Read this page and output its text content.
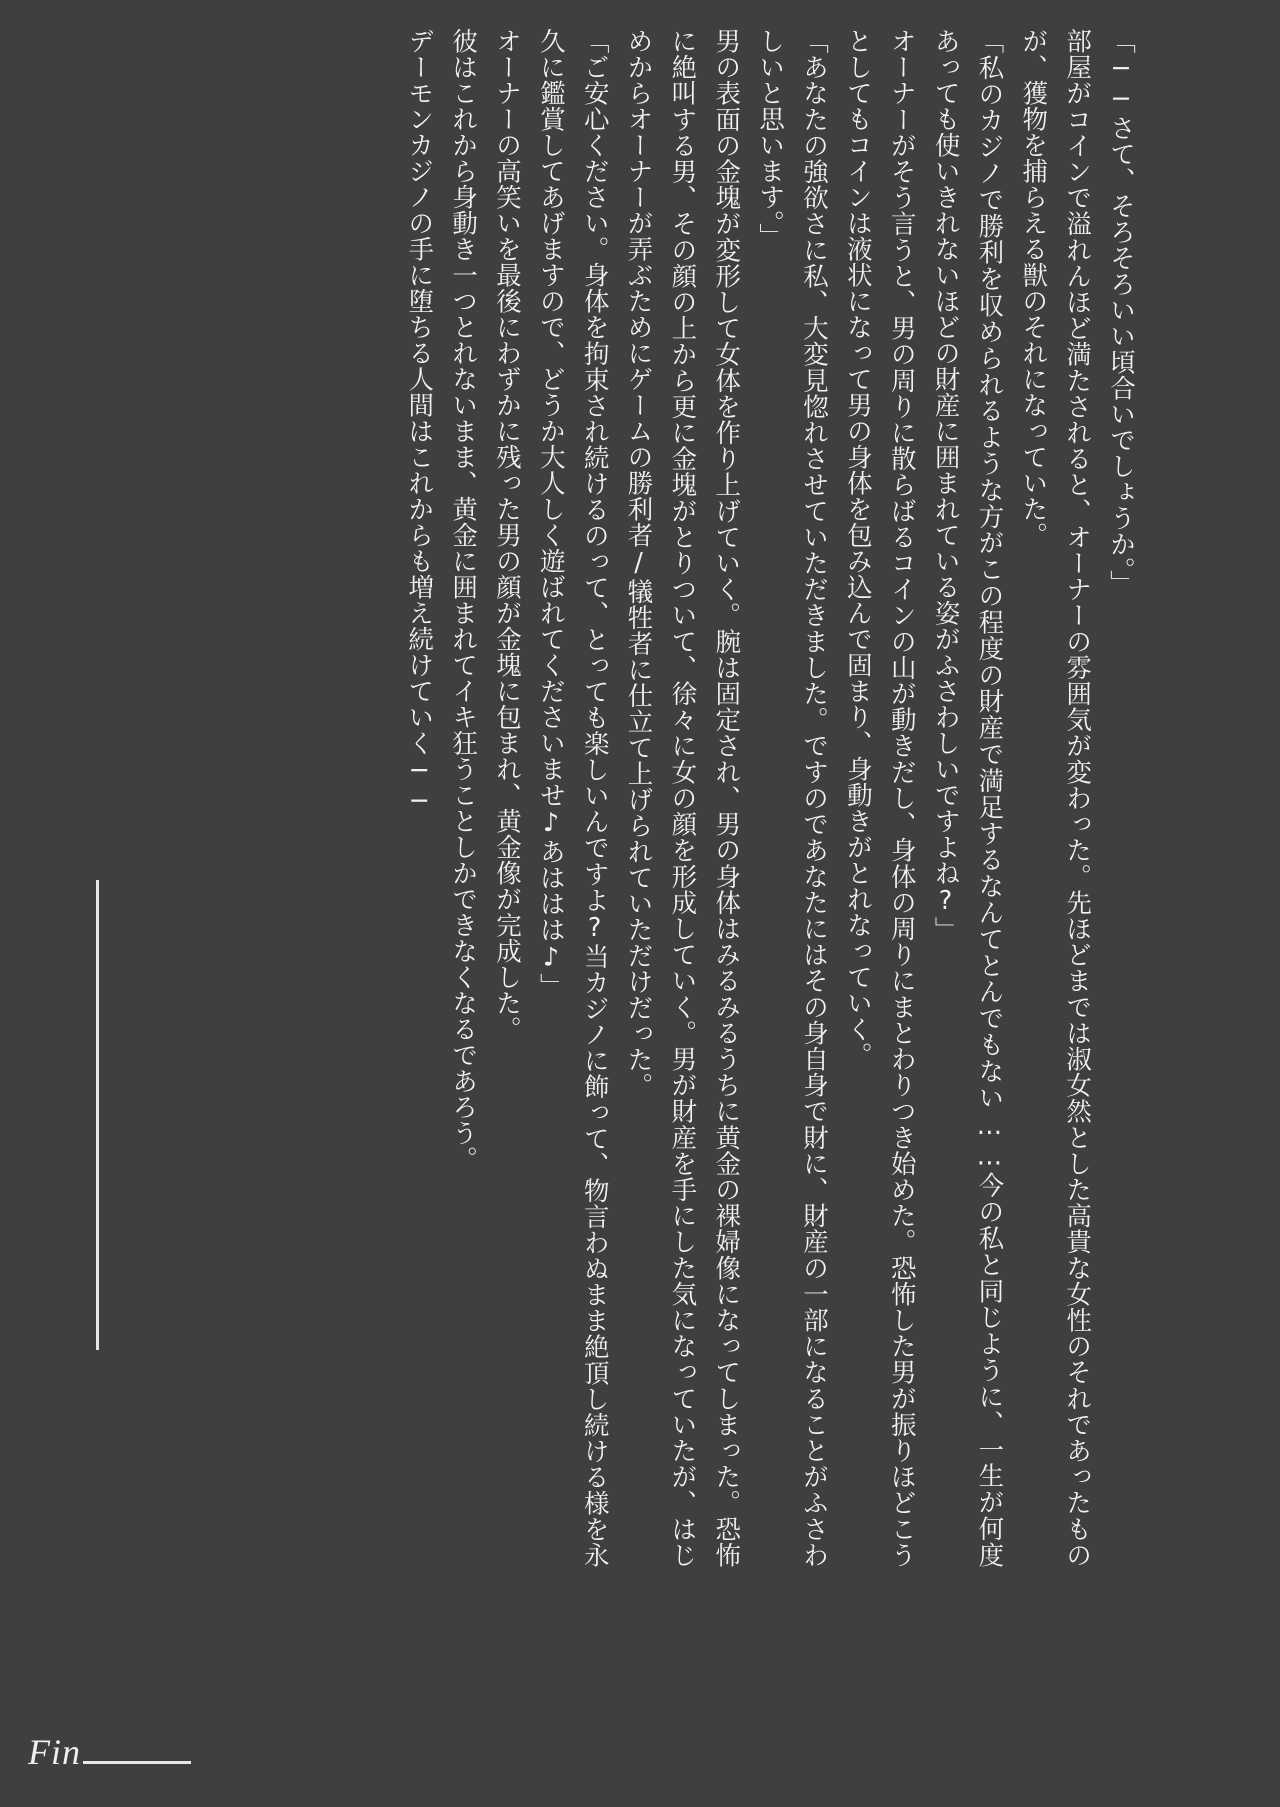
「──さて、そろそろいい頃合いでしょうか。」

部屋がコインで溢れんほど満たされると、オーナーの雰囲気が変わった。先ほどまでは淑女然とした高貴な女性のそれであったものが、獲物を捕らえる獣のそれになっていた。

「私のカジノで勝利を収められるような方がこの程度の財産で満足するなんてとんでもない……今の私と同じように、一生が何度あっても使いきれないほどの財産に囲まれている姿がふさわしいですよね?」

オーナーがそう言うと、男の周りに散らばるコインの山が動きだし、身体の周りにまとわりつき始めた。恐怖した男が振りほどこうとしてもコインは液状になって男の身体を包み込んで固まり、身動きがとれなっていく。

「あなたの強欲さに私、大変見惚れさせていただきました。ですのであなたにはその身自身で財に、財産の一部になることがふさわしいと思います。」

男の表面の金塊が変形して女体を作り上げていく。腕は固定され、男の身体はみるみるうちに黄金の裸婦像になってしまった。恐怖に絶叫する男、その顔の上から更に金塊がとりついて、徐々に女の顔を形成していく。男が財産を手にした気になっていたが、はじめからオーナーが弄ぶためにゲームの勝利者/犠牲者に仕立て上げられていただけだった。

「ご安心ください。身体を拘束され続けるのって、とっても楽しいんですよ?当カジノに飾って、物言わぬまま絶頂し続ける様を永久に鑑賞してあげますので、どうか大人しく遊ばれてくださいませ♪あははは♪」

オーナーの高笑いを最後にわずかに残った男の顔が金塊に包まれ、黄金像が完成した。

彼はこれから身動き一つとれないまま、黄金に囲まれてイキ狂うことしかできなくなるであろう。

デーモンカジノの手に堕ちる人間はこれからも増え続けていく──

Fin
